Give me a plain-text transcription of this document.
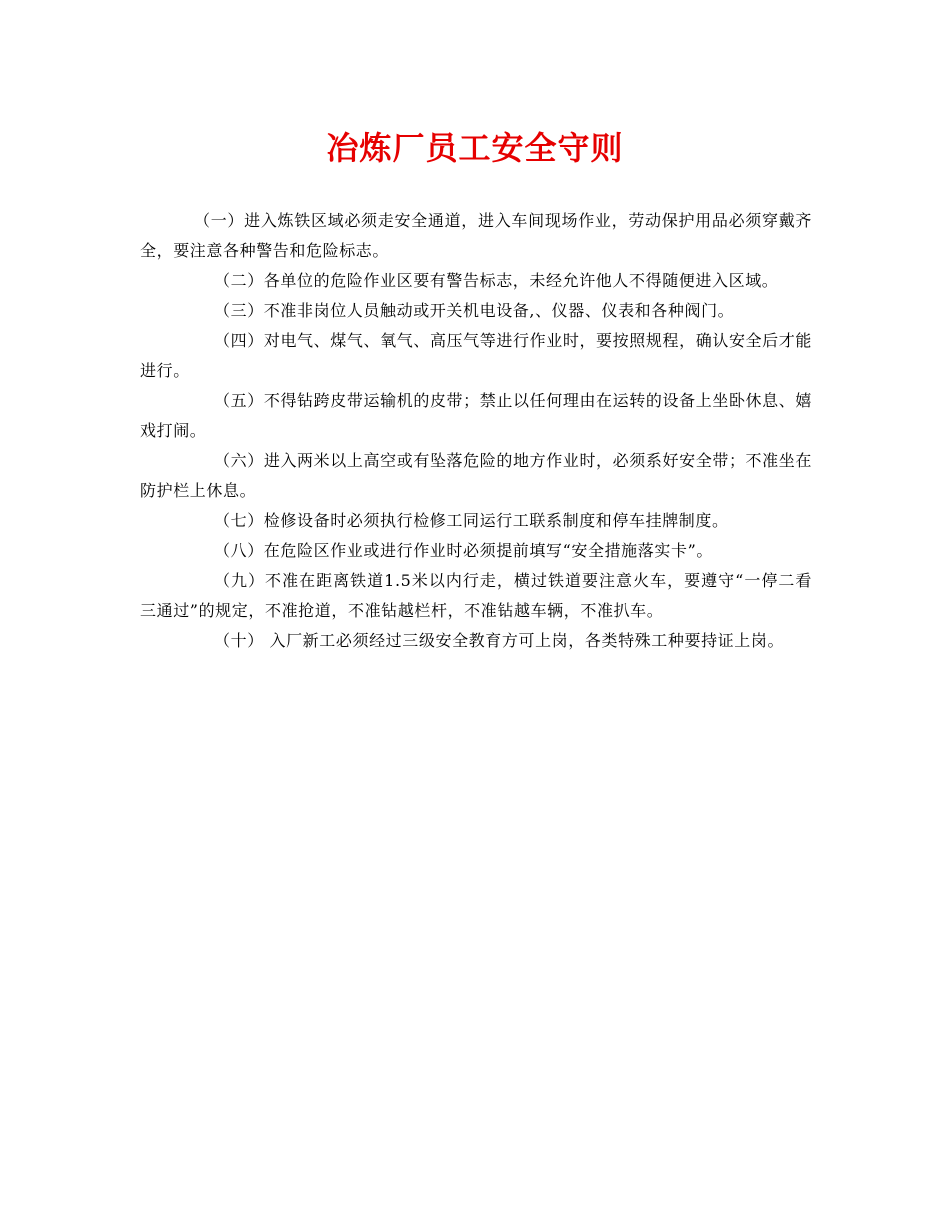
冶炼厂员工安全守则

（一）进入炼铁区域必须走安全通道，进入车间现场作业，劳动保护用品必须穿戴齐全，要注意各种警告和危险标志。

（二）各单位的危险作业区要有警告标志，未经允许他人不得随便进入区域。

（三）不准非岗位人员触动或开关机电设备,、仪器、仪表和各种阀门。

（四）对电气、煤气、氧气、高压气等进行作业时，要按照规程，确认安全后才能进行。

（五）不得钻跨皮带运输机的皮带；禁止以任何理由在运转的设备上坐卧休息、嬉戏打闹。

（六）进入两米以上高空或有坠落危险的地方作业时，必须系好安全带；不准坐在防护栏上休息。

（七）检修设备时必须执行检修工同运行工联系制度和停车挂牌制度。

（八）在危险区作业或进行作业时必须提前填写“安全措施落实卡”。

（九）不准在距离铁道1.5米以内行走，横过铁道要注意火车，要遵守“一停二看三通过”的规定，不准抢道，不准钻越栏杆，不准钻越车辆，不准扒车。

（十） 入厂新工必须经过三级安全教育方可上岗，各类特殊工种要持证上岗。
